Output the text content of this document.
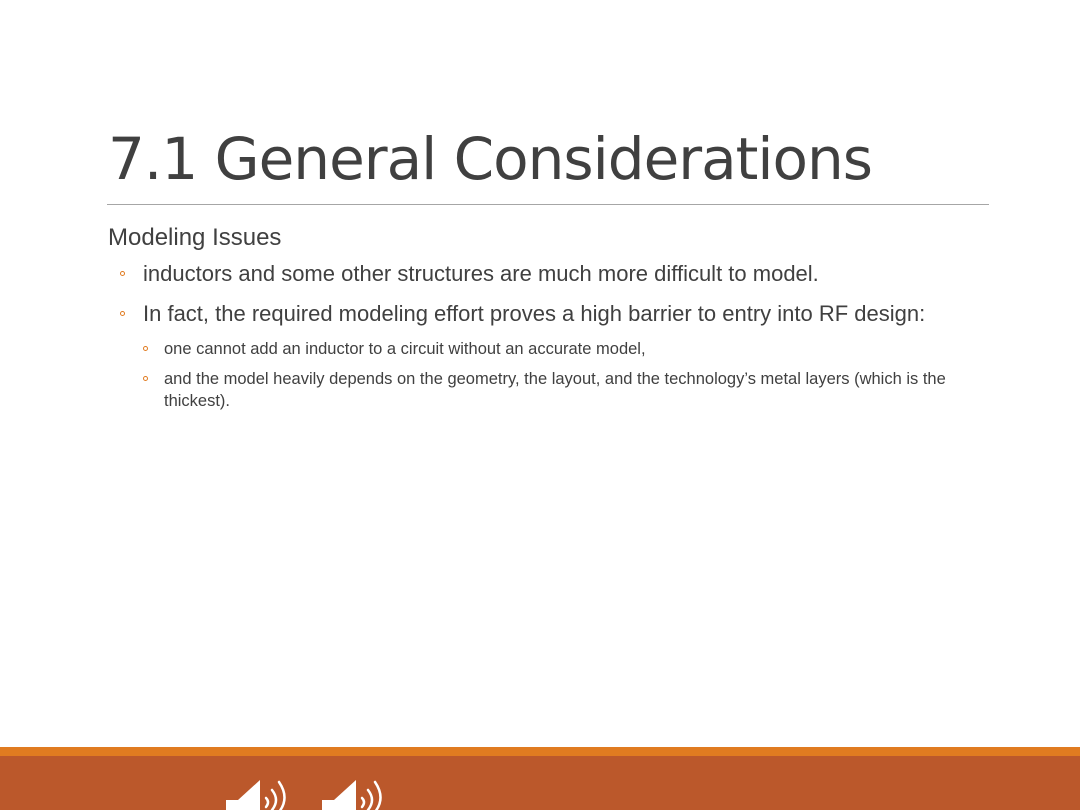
7.1 General Considerations
Modeling Issues
inductors and some other structures are much more difficult to model.
In fact, the required modeling effort proves a high barrier to entry into RF design:
one cannot add an inductor to a circuit without an accurate model,
and the model heavily depends on the geometry, the layout, and the technology’s metal layers (which is the thickest).
